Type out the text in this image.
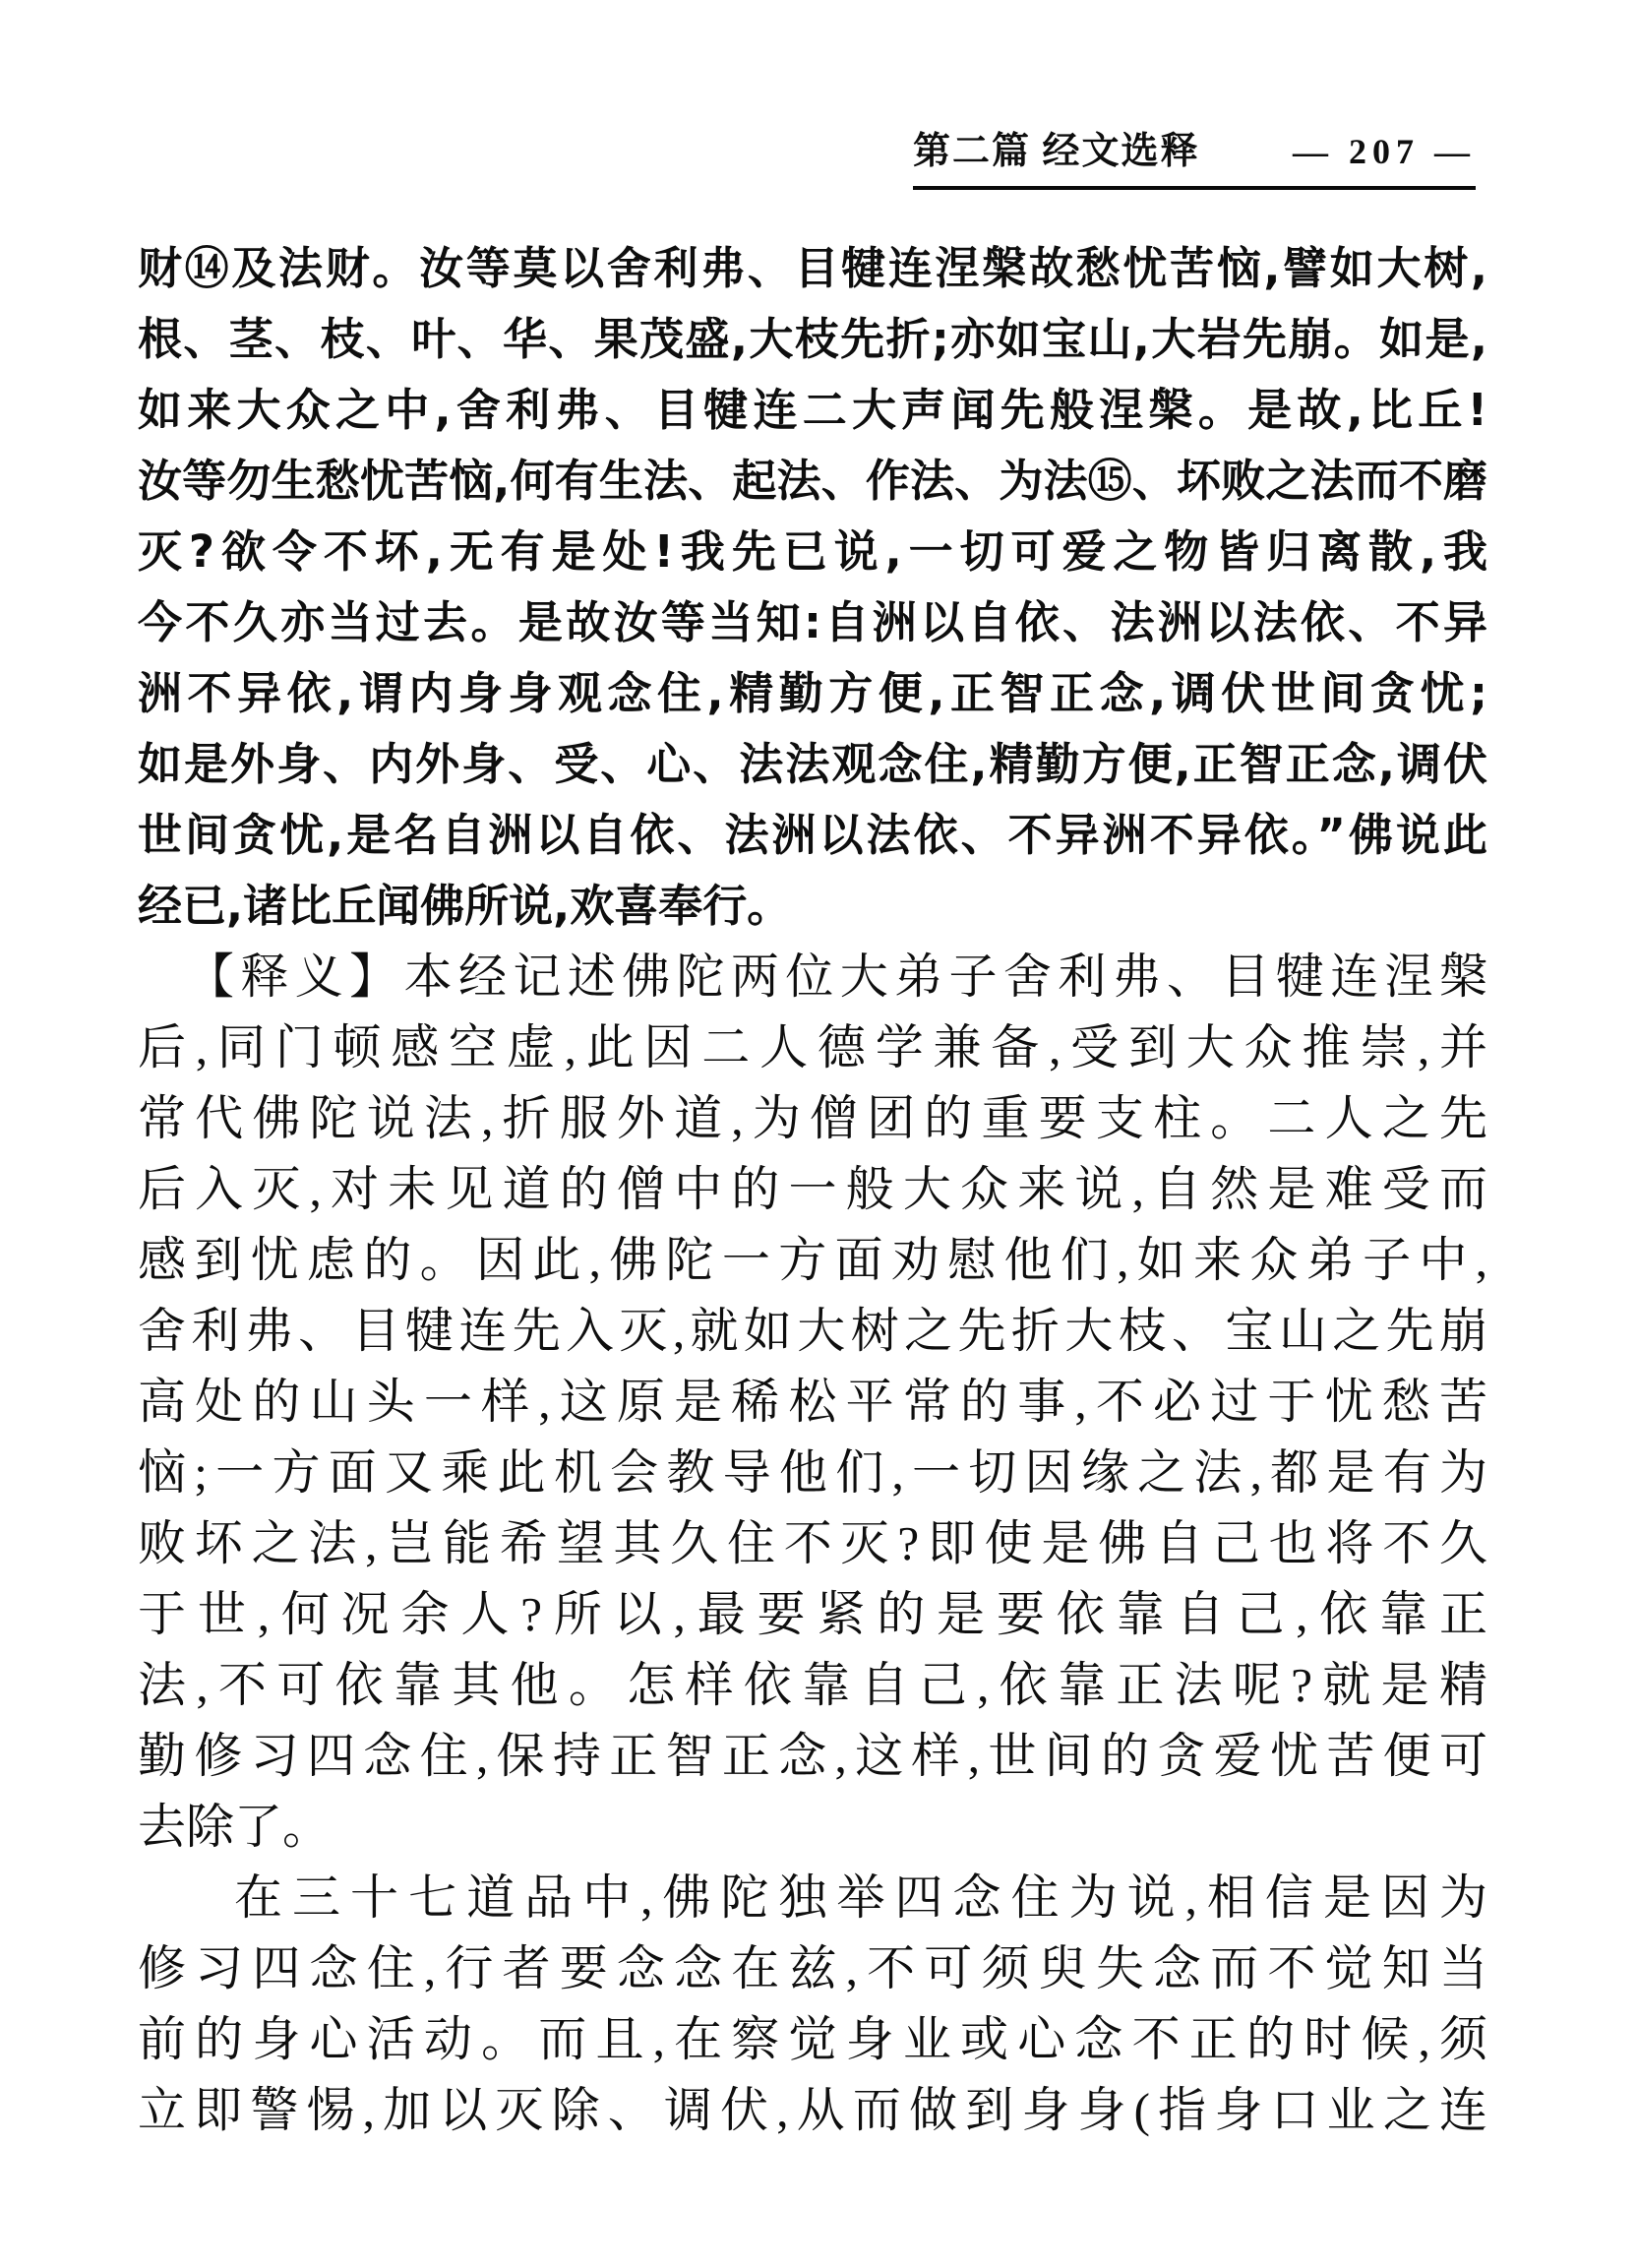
第二篇 经文选释	— 207 —
财⑭及法财。汝等莫以舍利弗、目犍连涅槃故愁忧苦恼,譬如大树,
根、茎、枝、叶、华、果茂盛,大枝先折;亦如宝山,大岩先崩。如是,
如来大众之中,舍利弗、目犍连二大声闻先般涅槃。是故,比丘!
汝等勿生愁忧苦恼,何有生法、起法、作法、为法⑮、坏败之法而不磨
灭?欲令不坏,无有是处!我先已说,一切可爱之物皆归离散,我
今不久亦当过去。是故汝等当知:自洲以自依、法洲以法依、不异
洲不异依,谓内身身观念住,精勤方便,正智正念,调伏世间贪忧;
如是外身、内外身、受、心、法法观念住,精勤方便,正智正念,调伏
世间贪忧,是名自洲以自依、法洲以法依、不异洲不异依。”佛说此
经已,诸比丘闻佛所说,欢喜奉行。
【释义】本经记述佛陀两位大弟子舍利弗、目犍连涅槃
后,同门顿感空虚,此因二人德学兼备,受到大众推崇,并
常代佛陀说法,折服外道,为僧团的重要支柱。二人之先
后入灭,对未见道的僧中的一般大众来说,自然是难受而
感到忧虑的。因此,佛陀一方面劝慰他们,如来众弟子中,
舍利弗、目犍连先入灭,就如大树之先折大枝、宝山之先崩
高处的山头一样,这原是稀松平常的事,不必过于忧愁苦
恼;一方面又乘此机会教导他们,一切因缘之法,都是有为
败坏之法,岂能希望其久住不灭?即使是佛自己也将不久
于世,何况余人?所以,最要紧的是要依靠自己,依靠正
法,不可依靠其他。怎样依靠自己,依靠正法呢?就是精
勤修习四念住,保持正智正念,这样,世间的贪爱忧苦便可
去除了。
在三十七道品中,佛陀独举四念住为说,相信是因为
修习四念住,行者要念念在兹,不可须臾失念而不觉知当
前的身心活动。而且,在察觉身业或心念不正的时候,须
立即警惕,加以灭除、调伏,从而做到身身(指身口业之连
